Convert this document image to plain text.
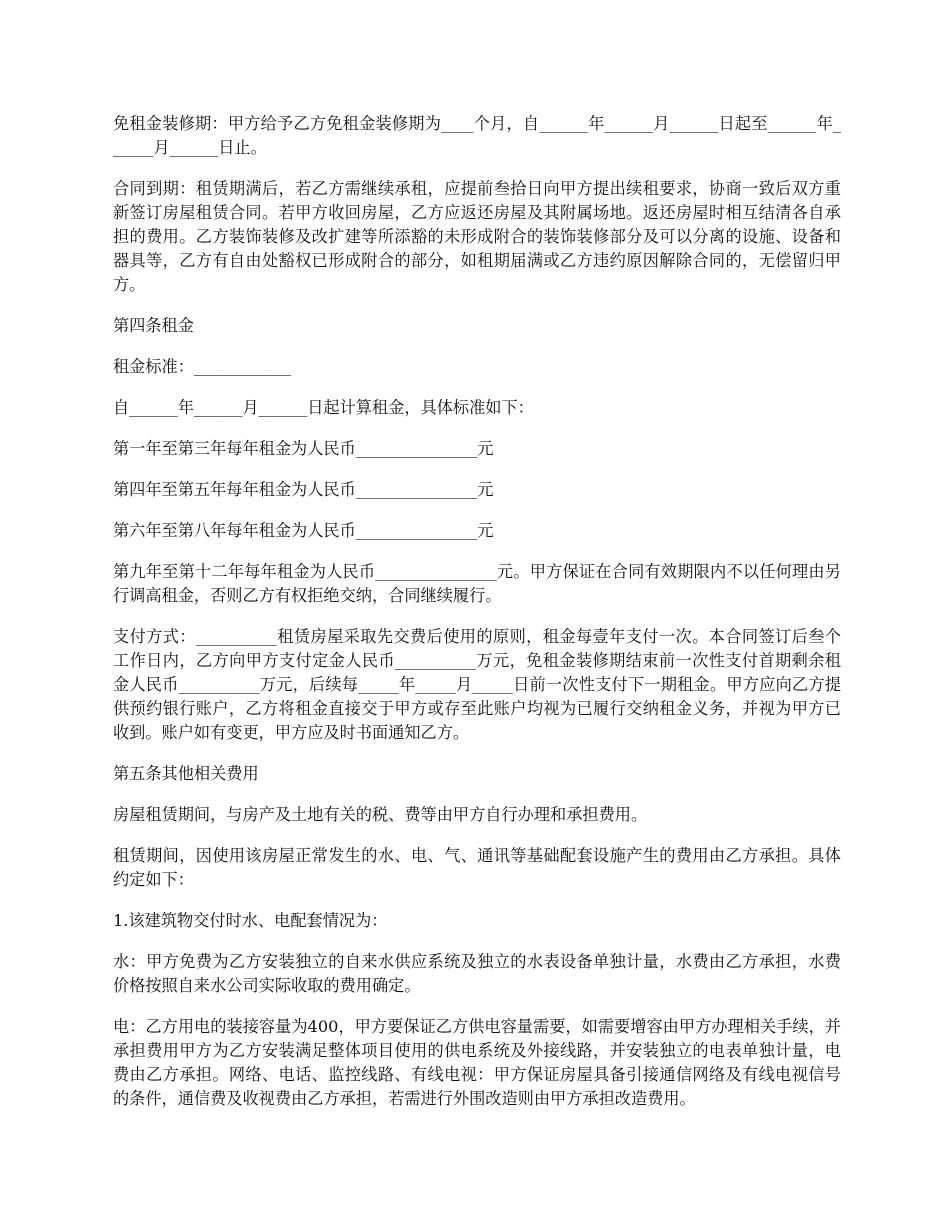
免租金装修期：甲方给予乙方免租金装修期为____个月，自______年______月______日起至______年______月______日止。

合同到期：租赁期满后，若乙方需继续承租，应提前叁拾日向甲方提出续租要求，协商一致后双方重新签订房屋租赁合同。若甲方收回房屋，乙方应返还房屋及其附属场地。返还房屋时相互结清各自承担的费用。乙方装饰装修及改扩建等所添豁的未形成附合的装饰装修部分及可以分离的设施、设备和器具等，乙方有自由处豁权已形成附合的部分，如租期届满或乙方违约原因解除合同的，无偿留归甲方。

第四条租金

租金标准：____________

自______年______月______日起计算租金，具体标准如下：

第一年至第三年每年租金为人民币_______________元

第四年至第五年每年租金为人民币_______________元

第六年至第八年每年租金为人民币_______________元

第九年至第十二年每年租金为人民币_______________元。甲方保证在合同有效期限内不以任何理由另行调高租金，否则乙方有权拒绝交纳，合同继续履行。

支付方式：__________租赁房屋采取先交费后使用的原则，租金每壹年支付一次。本合同签订后叁个工作日内，乙方向甲方支付定金人民币__________万元，免租金装修期结束前一次性支付首期剩余租金人民币__________万元，后续每_____年_____月_____日前一次性支付下一期租金。甲方应向乙方提供预约银行账户，乙方将租金直接交于甲方或存至此账户均视为已履行交纳租金义务，并视为甲方已收到。账户如有变更，甲方应及时书面通知乙方。

第五条其他相关费用

房屋租赁期间，与房产及土地有关的税、费等由甲方自行办理和承担费用。

租赁期间，因使用该房屋正常发生的水、电、气、通讯等基础配套设施产生的费用由乙方承担。具体约定如下：

1.该建筑物交付时水、电配套情况为：

水：甲方免费为乙方安装独立的自来水供应系统及独立的水表设备单独计量，水费由乙方承担，水费价格按照自来水公司实际收取的费用确定。

电：乙方用电的装接容量为400，甲方要保证乙方供电容量需要，如需要增容由甲方办理相关手续，并承担费用甲方为乙方安装满足整体项目使用的供电系统及外接线路，并安装独立的电表单独计量，电费由乙方承担。网络、电话、监控线路、有线电视：甲方保证房屋具备引接通信网络及有线电视信号的条件，通信费及收视费由乙方承担，若需进行外围改造则由甲方承担改造费用。
